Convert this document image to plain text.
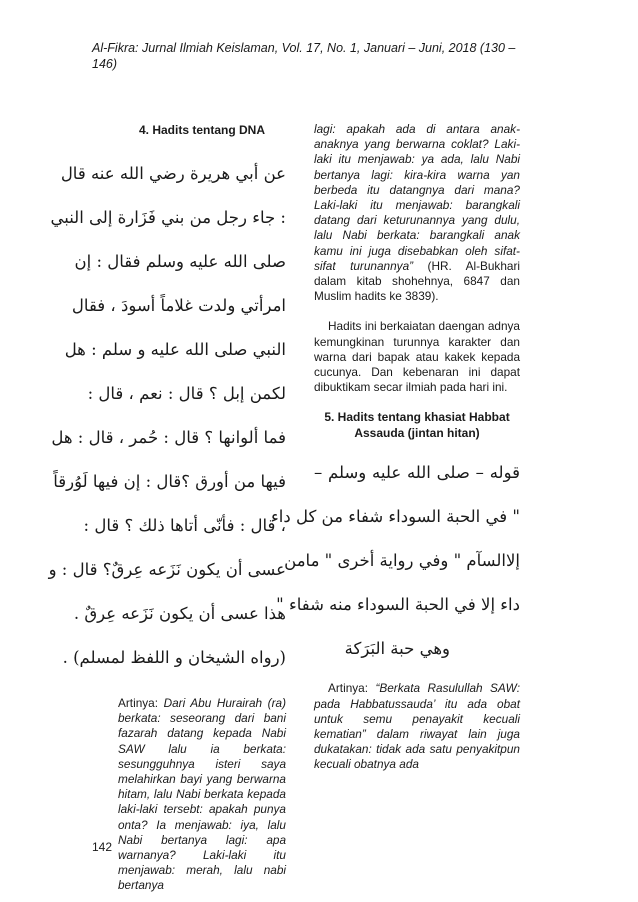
Al-Fikra: Jurnal Ilmiah Keislaman, Vol. 17, No. 1, Januari – Juni, 2018 (130 – 146)
4. Hadits tentang DNA
عن أبي هريرة رضي الله عنه قال
: جاء رجل من بني فَزَارة إلى النبي
صلى الله عليه وسلم فقال : إن
امرأتي ولدت غلاماً أسودَ ، فقال
النبي صلى الله عليه و سلم : هل
لكمن إبل ؟ قال : نعم ، قال :
فما ألوانها ؟ قال : حُمر ، قال : هل
فيها من أورق ؟قال : إن فيها لَوُرقاً
، قال : فأنّى أتاها ذلك ؟ قال :
عسى أن يكون نَزَعه عِرقٌ؟ قال : و
هذا عسى أن يكون نَزَعه عِرقٌ .
(رواه الشيخان و اللفظ لمسلم) .

Artinya: Dari Abu Hurairah (ra) berkata: seseorang dari bani fazarah datang kepada Nabi SAW lalu ia berkata: sesungguhnya isteri saya melahirkan bayi yang berwarna hitam, lalu Nabi berkata kepada laki-laki tersebt: apakah punya onta? Ia menjawab: iya, lalu Nabi bertanya lagi: apa warnanya? Laki-laki itu menjawab: merah, lalu nabi bertanya

lagi: apakah ada di antara anak-anaknya yang berwarna coklat? Laki-laki itu menjawab: ya ada, lalu Nabi bertanya lagi: kira-kira warna yan berbeda itu datangnya dari mana? Laki-laki itu menjawab: barangkali datang dari keturunannya yang dulu, lalu Nabi berkata: barangkali anak kamu ini juga disebabkan oleh sifat-sifat turunannya” (HR. Al-Bukhari dalam kitab shohehnya, 6847 dan Muslim hadits ke 3839).

Hadits ini berkaiatan daengan adnya kemungkinan turunnya karakter dan warna dari bapak atau kakek kepada cucunya. Dan kebenaran ini dapat dibuktikam secar ilmiah pada hari ini.

5. Hadits tentang khasiat Habbat Assauda (jintan hitan)
قوله – صلى الله عليه وسلم –
" في الحبة السوداء شفاء من كل داء
إلاالسآم " وفي رواية أخرى " مامن
داء إلا في الحبة السوداء منه شفاء "
وهي حبة البَرَكة

Artinya: “Berkata Rasulullah SAW: pada Habbatussauda’ itu ada obat untuk semu penayakit kecuali kematian” dalam riwayat lain juga dukatakan: tidak ada satu penyakitpun kecuali obatnya ada

142
